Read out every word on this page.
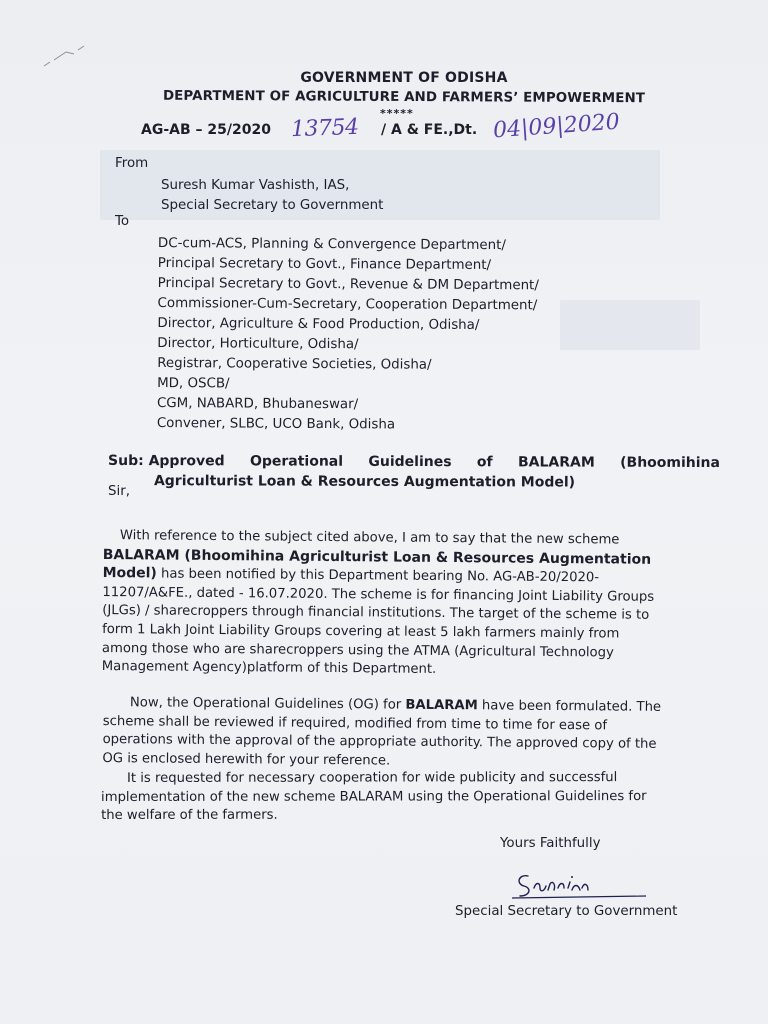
GOVERNMENT OF ODISHA
DEPARTMENT OF AGRICULTURE AND FARMERS’ EMPOWERMENT
*****
AG-AB – 25/2020 13754 / A & FE.,Dt. 04|09|2020
From
Suresh Kumar Vashisth, IAS,
Special Secretary to Government
To
DC-cum-ACS, Planning & Convergence Department/
Principal Secretary to Govt., Finance Department/
Principal Secretary to Govt., Revenue & DM Department/
Commissioner-Cum-Secretary, Cooperation Department/
Director, Agriculture & Food Production, Odisha/
Director, Horticulture, Odisha/
Registrar, Cooperative Societies, Odisha/
MD, OSCB/
CGM, NABARD, Bhubaneswar/
Convener, SLBC, UCO Bank, Odisha
Sub: Approved Operational Guidelines of BALARAM (Bhoomihina
Agriculturist Loan & Resources Augmentation Model)
Sir,
With reference to the subject cited above, I am to say that the new scheme
BALARAM (Bhoomihina Agriculturist Loan & Resources Augmentation
Model) has been notified by this Department bearing No. AG-AB-20/2020-
11207/A&FE., dated - 16.07.2020. The scheme is for financing Joint Liability Groups
(JLGs) / sharecroppers through financial institutions. The target of the scheme is to
form 1 Lakh Joint Liability Groups covering at least 5 lakh farmers mainly from
among those who are sharecroppers using the ATMA (Agricultural Technology
Management Agency)platform of this Department.
Now, the Operational Guidelines (OG) for BALARAM have been formulated. The
scheme shall be reviewed if required, modified from time to time for ease of
operations with the approval of the appropriate authority. The approved copy of the
OG is enclosed herewith for your reference.
It is requested for necessary cooperation for wide publicity and successful
implementation of the new scheme BALARAM using the Operational Guidelines for
the welfare of the farmers.
Yours Faithfully
Special Secretary to Government
